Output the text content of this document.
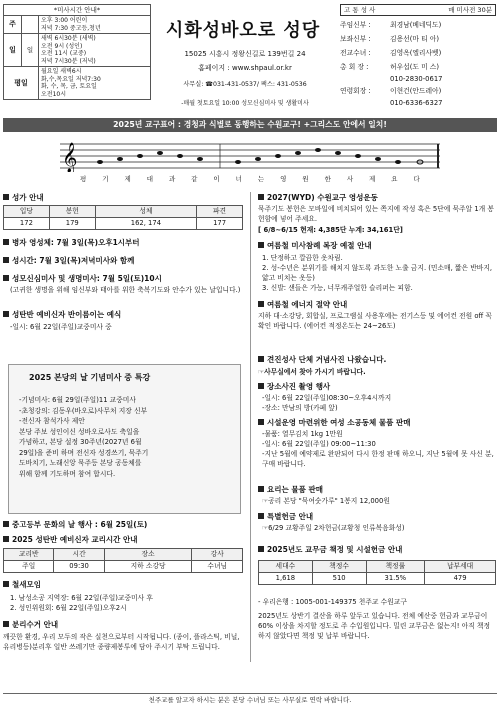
*미사시간 안내*		
주		오후 3:00 어린이
저녁 7:30 중고등,청년

일	일	새벽 6시30분 (새벽)
오전 9시 (성인)
오전 11시 (교중)
저녁 7시30분 (저녁)

평일		월요일 새벽6시
화,수,목요일 저녁7:30
화, 수, 목, 금, 토요일
오전10시
시화성바오로 성당
15025 시흥시 정왕신길로 139번길 24
홈페이지 : www.shpaul.or.kr
사무실: ☎031-431-0537/ 팩스: 431-0536
-매월 첫토요일 10:00 성모신심미사 및 생활미사
고 통 성 사	매 미사전 30분
주임신부 :	최경남(베네딕도)
보좌신부 :	김용선(마 티 아)
전교수녀 :	김영옥(엘리사벳)
총 회 장 :	허우섭(도 미 스)
010-2830-0617
연령회장 :	이현건(안드레아)
010-6336-6327
2025년 교구표어 : 경청과 식별로 동행하는 수원교구! +그리스도 안에서 일치!
𝄞
평 기 제 대 과 같 이 너 는 영 원 한 사 제 요 다
성가 안내
입당	봉헌	성체	파견
172	179	162, 174	177
병자 영성체: 7월 3일(목)오후1시부터
성시간: 7월 3일(목)저녁미사와 함께
성모신심미사 및 생명미사: 7월 5일(토)10시
(고귀한 생명을 위해 임신부와 태아를 위한 축복기도와 안수가 있는 날입니다.)
성탄반 예비신자 반이름이는 예식
-일시: 6월 22일(주일)교중미사 중
2025 본당의 날 기념미사 중 특강
-기념미사: 6월 29일(주일)11 교중미사
-초청강의: 김동우(바오로)사무처 지장 신부
-전신자 참석가사 제안
본당 주보 성인이신 성바오로사도 축일을
가념하고, 본당 설정 30주년(2027년 6월
29일)을 준비 하며 전신자 성경쓰기, 묵주기
도바치기, 노래신앙 묵주등 본당 공동체를
위해 함께 기도하며 참여 합시다.
중고등부 문화의 날 행사 : 6월 25일(토)
2025 성탄반 예비신자 교리시간 안내
교리반	시간	장소	강사
주일	09:30	지하 소강당	수녀님
철새모임
1. 남성소공 지역장: 6월 22일(주일)교중미사 후
2. 성인위원회: 6월 22일(주일)오후2시
분리수거 안내
깨끗한 환경, 우리 모두의 작은 실천으로부터 시작됩니다. (종이, 플라스틱, 비닐, 유리병등)분리후 일반 쓰레기만 종량제봉투에 담아 주시기 부탁 드립니다.
2027(WYD) 수원교구 영성운동
묵주기도 봉헌은 모바일에 비치되어 있는 쪽지에 작성 혹은 5단에 묵주알 1개 봉헌함에 넣어 주세요.
[ 6/8~6/15 현재: 4,385단 누계: 34,161단]
여름철 미사참례 복장 예절 안내
1. 단정하고 깔끔한 옷차림.
2. 성-수년은 분위기를 해치지 않도록 과도한 노출 금지. (민소매, 짧은 반바지, 얇고 비치는 옷등)
3. 신발: 샌들은 가능, 너무캐주얼한 슬리퍼는 피함.
여름철 에너지 절약 안내
지하 대·소강당, 회합실, 프로그램실 사용후에는 전기스등 및 에어컨 전원 off 꼭 확인 바랍니다. (에어컨 적정온도는 24~26도)
견진성사 단체 거념사진 나왔습니다.
☞사무실에서 찾아 가시기 바랍니다.
장소사진 촬영 행사
-일시: 6월 22일(주일)08:30~오후4시까지
-장소: 만남의 방(카페 앞)
시설운영 마련위한 여성 소공동체 물품 판매
-물품: 열무김치 1kg 1만원
-일시: 6월 22일(주일) 09:00~11:30
-지난 5월에 예약제로 완판되어 다시 한정 판매 하오니, 지난 5월에 못 사신 분, 구매 바랍니다.
요리는 물품 판매
☞공리 본당 "묵여숫가루" 1봉지 12,000원
특별헌금 안내
☞6/29 교황주일 2차헌금(교황청 인류복음화성)
2025년도 교무금 책정 및 시설헌금 안내
세대수	책정수	책정률	납부세대
1,618	510	31.5%	479
- 우리은행 : 1005-001-149375 천주교 수원교구
2025년도 상반기 결산을 하루 앞두고 있습니다. 전체 예산중 헌금과 교무금이 60% 이상을 차지할 정도로 주 수입원입니다. 밀린 교무금은 없는지! 아직 책정하지 않았다면 책정 및 납부 바랍니다.
천주교를 알고자 하시는 분은 본당 수녀님 또는 사무실로 연락 바랍니다.
